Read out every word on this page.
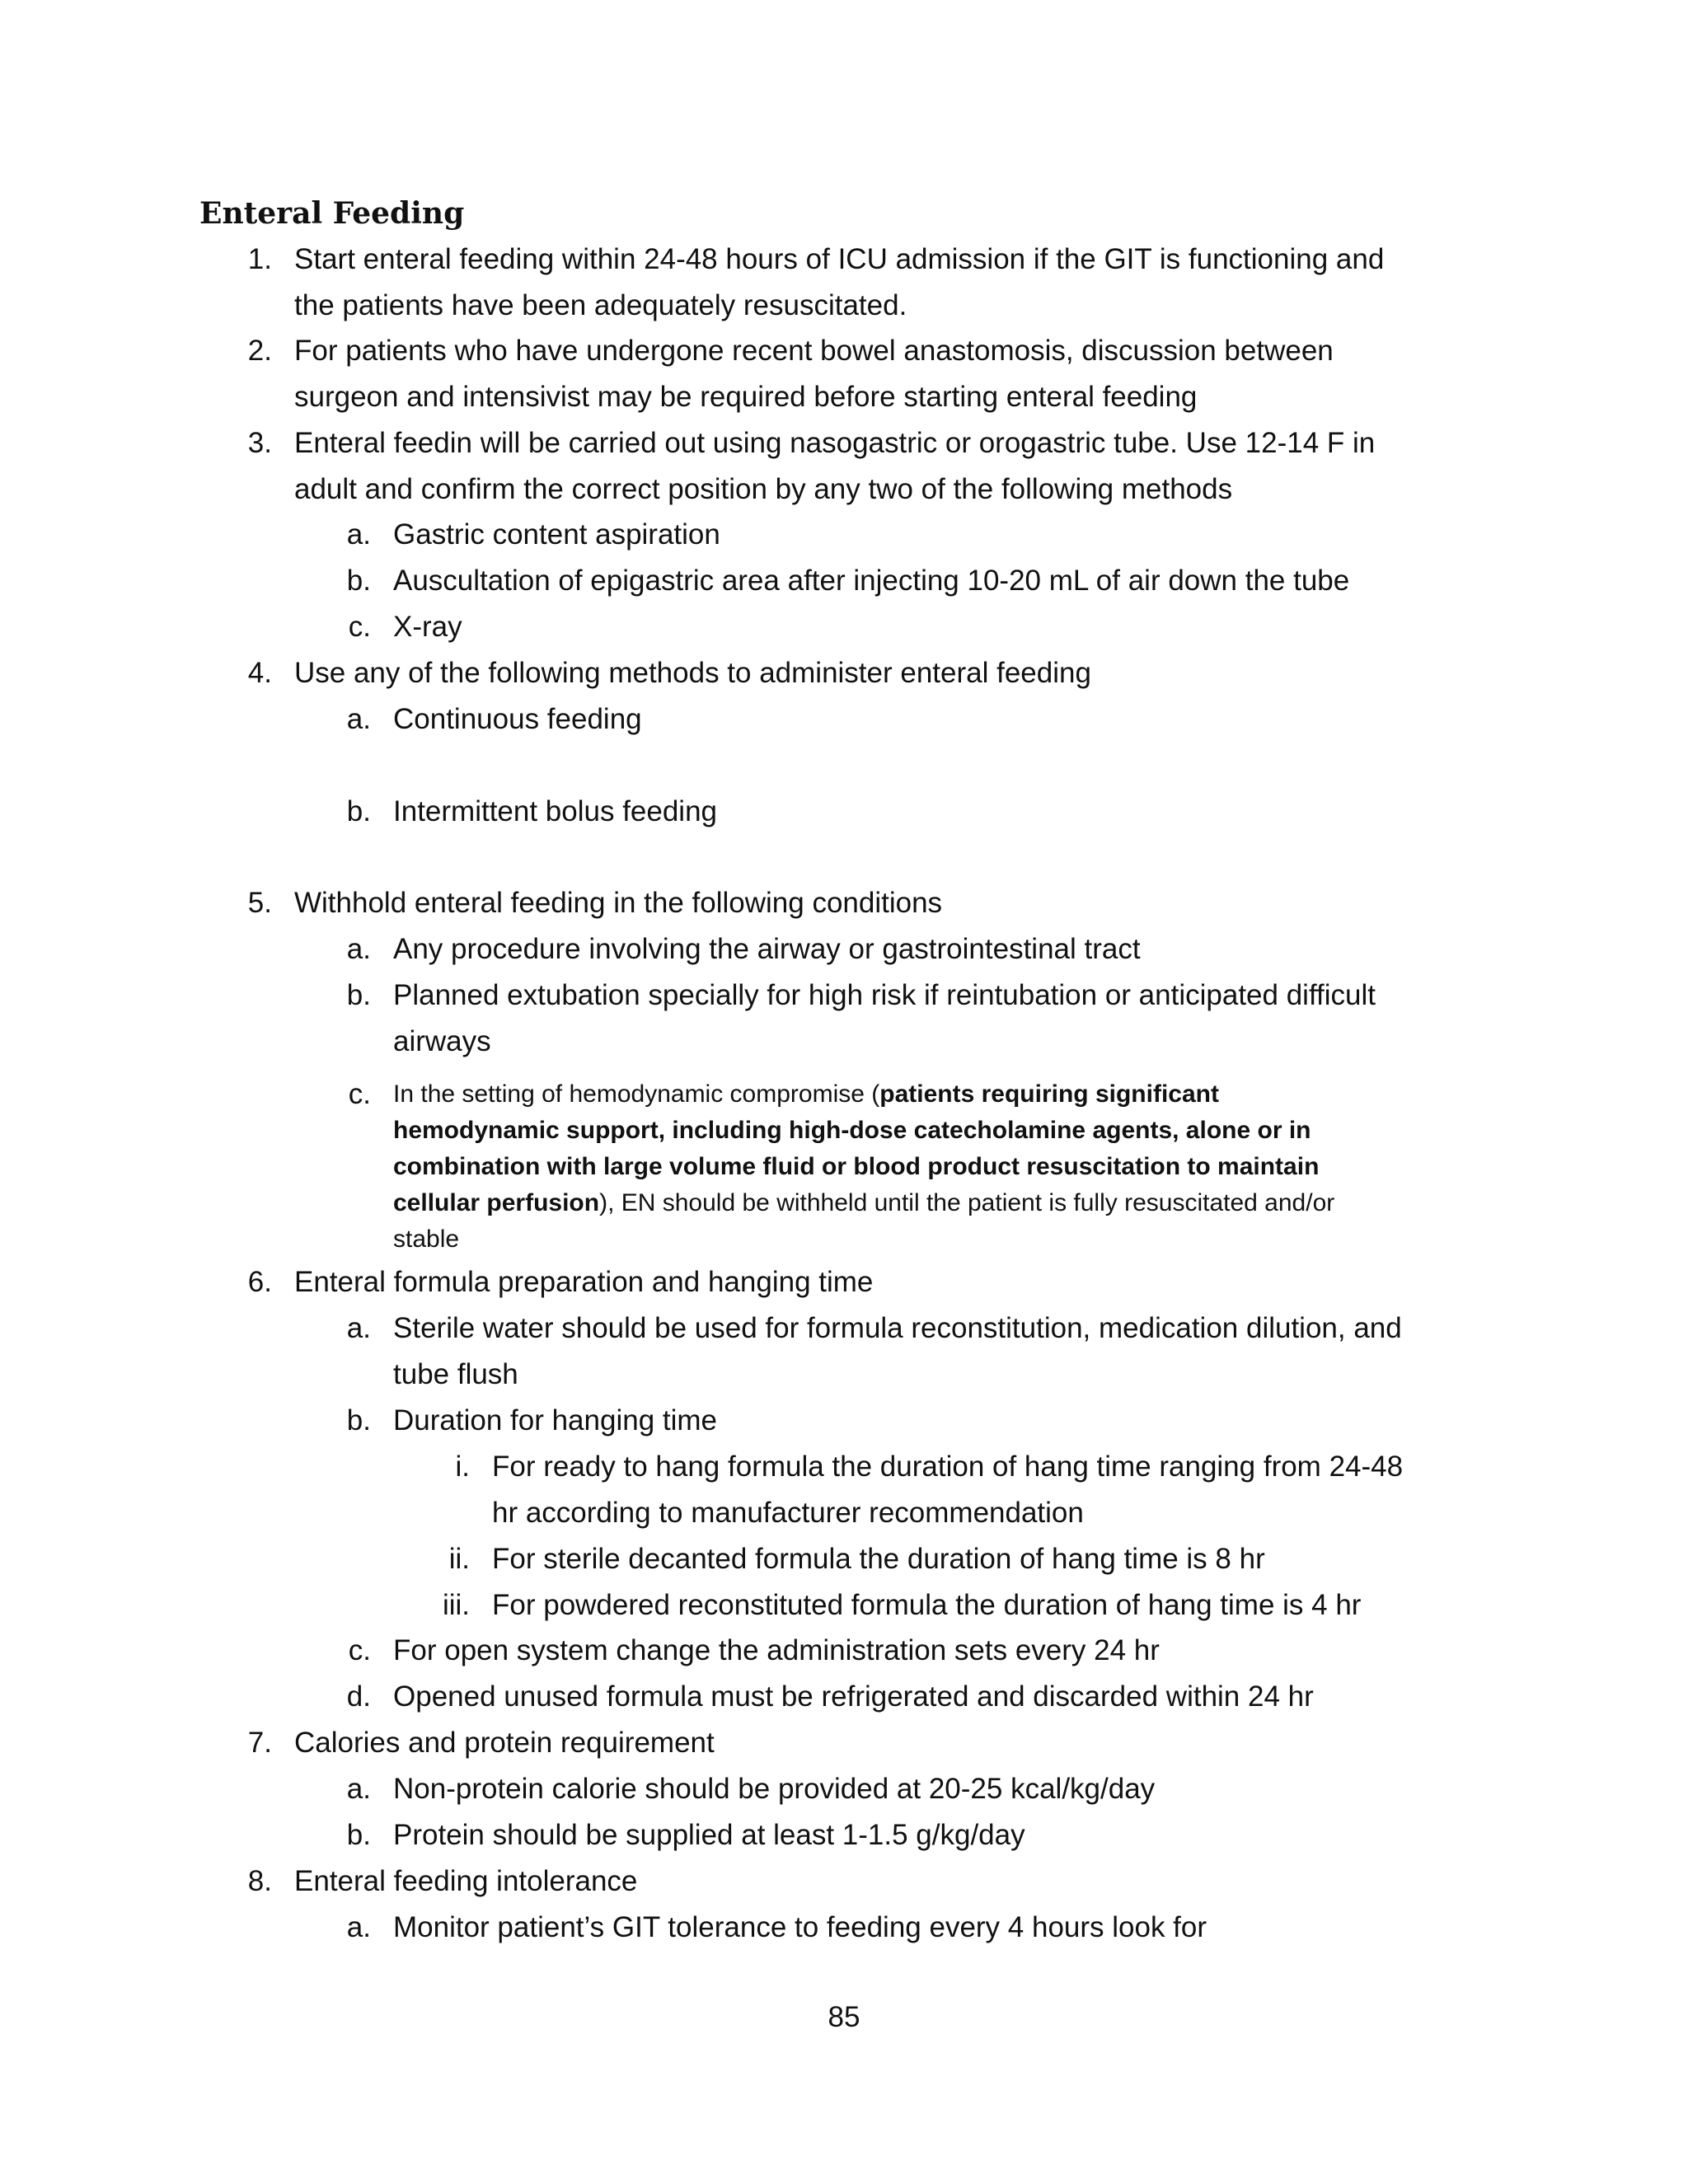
Enteral Feeding
1. Start enteral feeding within 24-48 hours of ICU admission if the GIT is functioning and
the patients have been adequately resuscitated.
2. For patients who have undergone recent bowel anastomosis, discussion between
surgeon and intensivist may be required before starting enteral feeding
3. Enteral feedin will be carried out using nasogastric or orogastric tube. Use 12-14 F in
adult and confirm the correct position by any two of the following methods
a. Gastric content aspiration
b. Auscultation of epigastric area after injecting 10-20 mL of air down the tube
c. X-ray
4. Use any of the following methods to administer enteral feeding
a. Continuous feeding
b. Intermittent bolus feeding
5. Withhold enteral feeding in the following conditions
a. Any procedure involving the airway or gastrointestinal tract
b. Planned extubation specially for high risk if reintubation or anticipated difficult
airways
c. In the setting of hemodynamic compromise (patients requiring significant
hemodynamic support, including high-dose catecholamine agents, alone or in
combination with large volume fluid or blood product resuscitation to maintain
cellular perfusion), EN should be withheld until the patient is fully resuscitated and/or
stable
6. Enteral formula preparation and hanging time
a. Sterile water should be used for formula reconstitution, medication dilution, and
tube flush
b. Duration for hanging time
i. For ready to hang formula the duration of hang time ranging from 24-48
hr according to manufacturer recommendation
ii. For sterile decanted formula the duration of hang time is 8 hr
iii. For powdered reconstituted formula the duration of hang time is 4 hr
c. For open system change the administration sets every 24 hr
d. Opened unused formula must be refrigerated and discarded within 24 hr
7. Calories and protein requirement
a. Non-protein calorie should be provided at 20-25 kcal/kg/day
b. Protein should be supplied at least 1-1.5 g/kg/day
8. Enteral feeding intolerance
a. Monitor patient’s GIT tolerance to feeding every 4 hours look for
85
